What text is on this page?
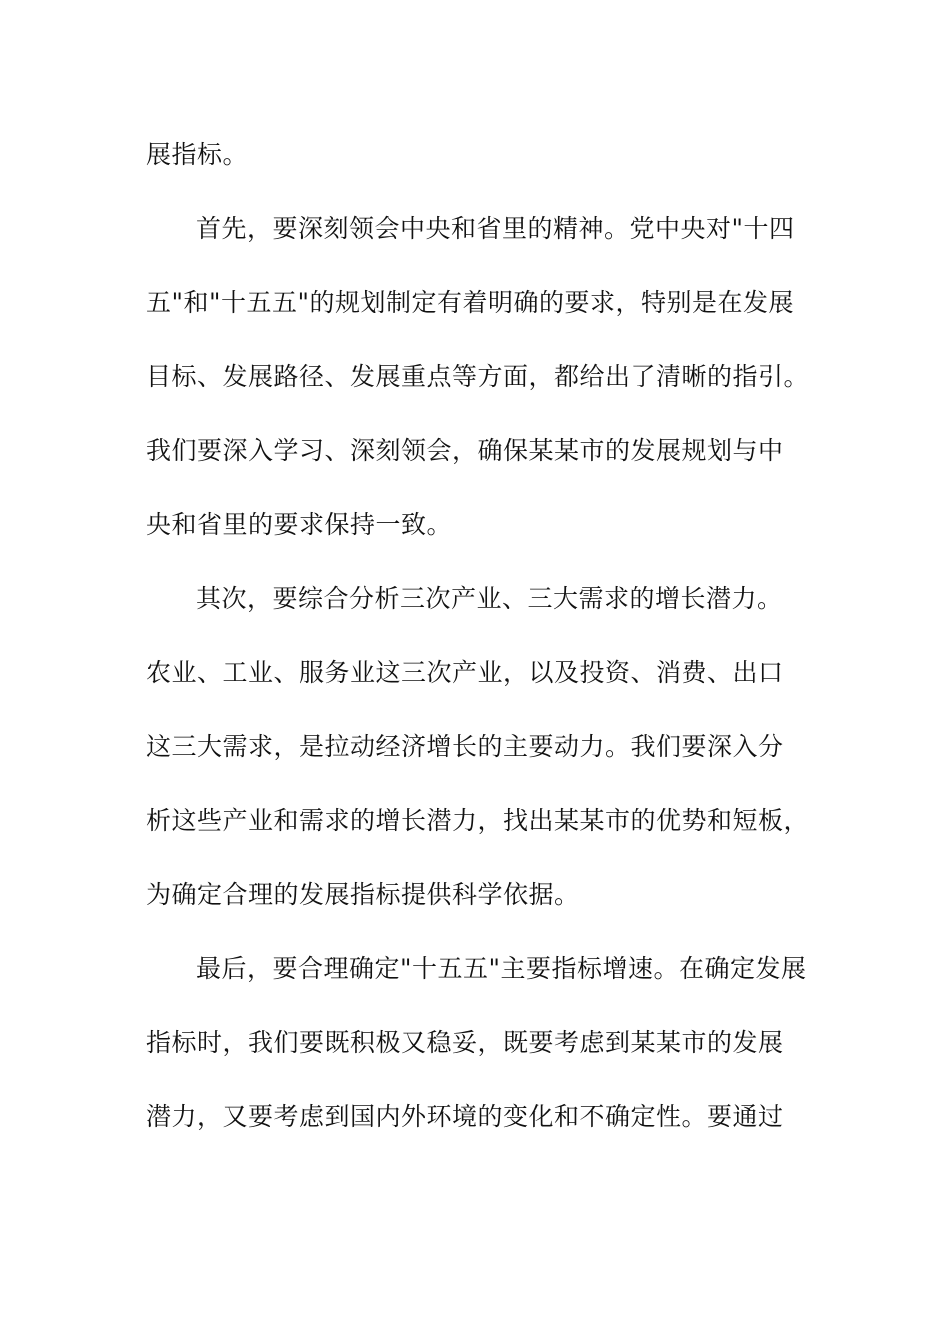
展指标。
首先，要深刻领会中央和省里的精神。党中央对"十四
五"和"十五五"的规划制定有着明确的要求，特别是在发展
目标、发展路径、发展重点等方面，都给出了清晰的指引。
我们要深入学习、深刻领会，确保某某市的发展规划与中
央和省里的要求保持一致。
其次，要综合分析三次产业、三大需求的增长潜力。
农业、工业、服务业这三次产业，以及投资、消费、出口
这三大需求，是拉动经济增长的主要动力。我们要深入分
析这些产业和需求的增长潜力，找出某某市的优势和短板，
为确定合理的发展指标提供科学依据。
最后，要合理确定"十五五"主要指标增速。在确定发展
指标时，我们要既积极又稳妥，既要考虑到某某市的发展
潜力，又要考虑到国内外环境的变化和不确定性。要通过
